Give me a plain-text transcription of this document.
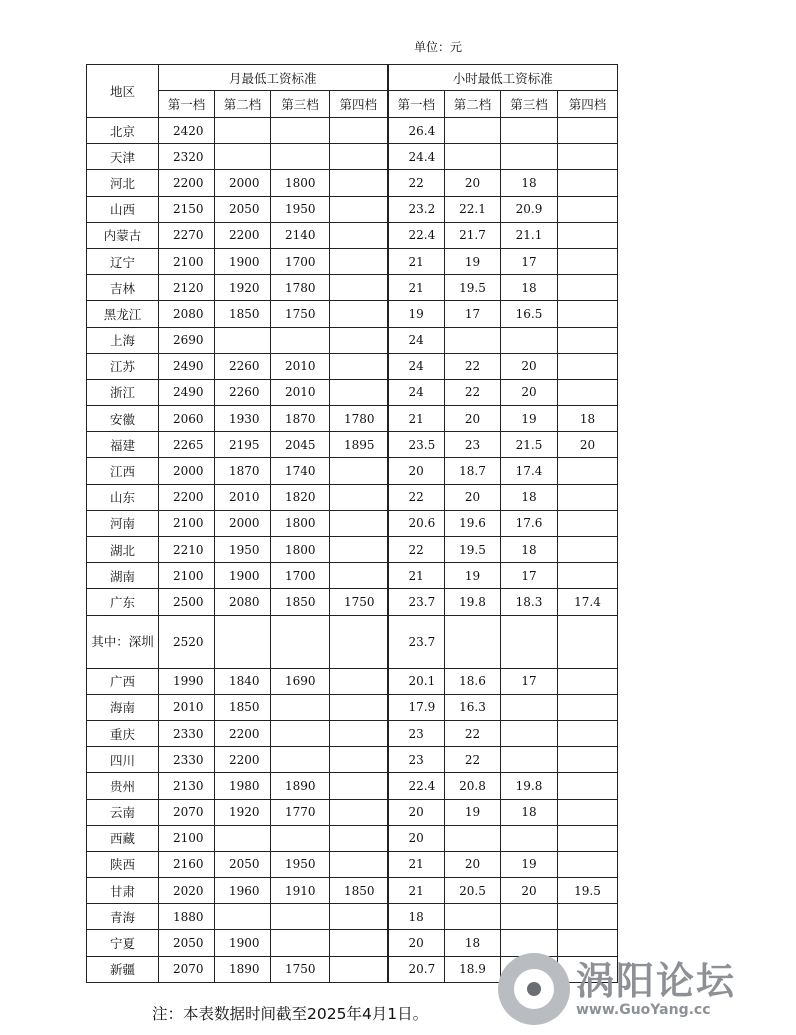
单位：元
地区	月最低工资标准				小时最低工资标准			
	第一档	第二档	第三档	第四档	第一档	第二档	第三档	第四档
北京	2420				26.4			
天津	2320				24.4			
河北	2200	2000	1800		22	20	18	
山西	2150	2050	1950		23.2	22.1	20.9	
内蒙古	2270	2200	2140		22.4	21.7	21.1	
辽宁	2100	1900	1700		21	19	17	
吉林	2120	1920	1780		21	19.5	18	
黑龙江	2080	1850	1750		19	17	16.5	
上海	2690				24			
江苏	2490	2260	2010		24	22	20	
浙江	2490	2260	2010		24	22	20	
安徽	2060	1930	1870	1780	21	20	19	18
福建	2265	2195	2045	1895	23.5	23	21.5	20
江西	2000	1870	1740		20	18.7	17.4	
山东	2200	2010	1820		22	20	18	
河南	2100	2000	1800		20.6	19.6	17.6	
湖北	2210	1950	1800		22	19.5	18	
湖南	2100	1900	1700		21	19	17	
广东	2500	2080	1850	1750	23.7	19.8	18.3	17.4
其中：深圳	2520				23.7			
广西	1990	1840	1690		20.1	18.6	17	
海南	2010	1850			17.9	16.3		
重庆	2330	2200			23	22		
四川	2330	2200			23	22		
贵州	2130	1980	1890		22.4	20.8	19.8	
云南	2070	1920	1770		20	19	18	
西藏	2100				20			
陕西	2160	2050	1950		21	20	19	
甘肃	2020	1960	1910	1850	21	20.5	20	19.5
青海	1880				18			
宁夏	2050	1900			20	18		
新疆	2070	1890	1750		20.7	18.9		
注：本表数据时间截至2025年4月1日。
涡阳论坛
www.GuoYang.cc
